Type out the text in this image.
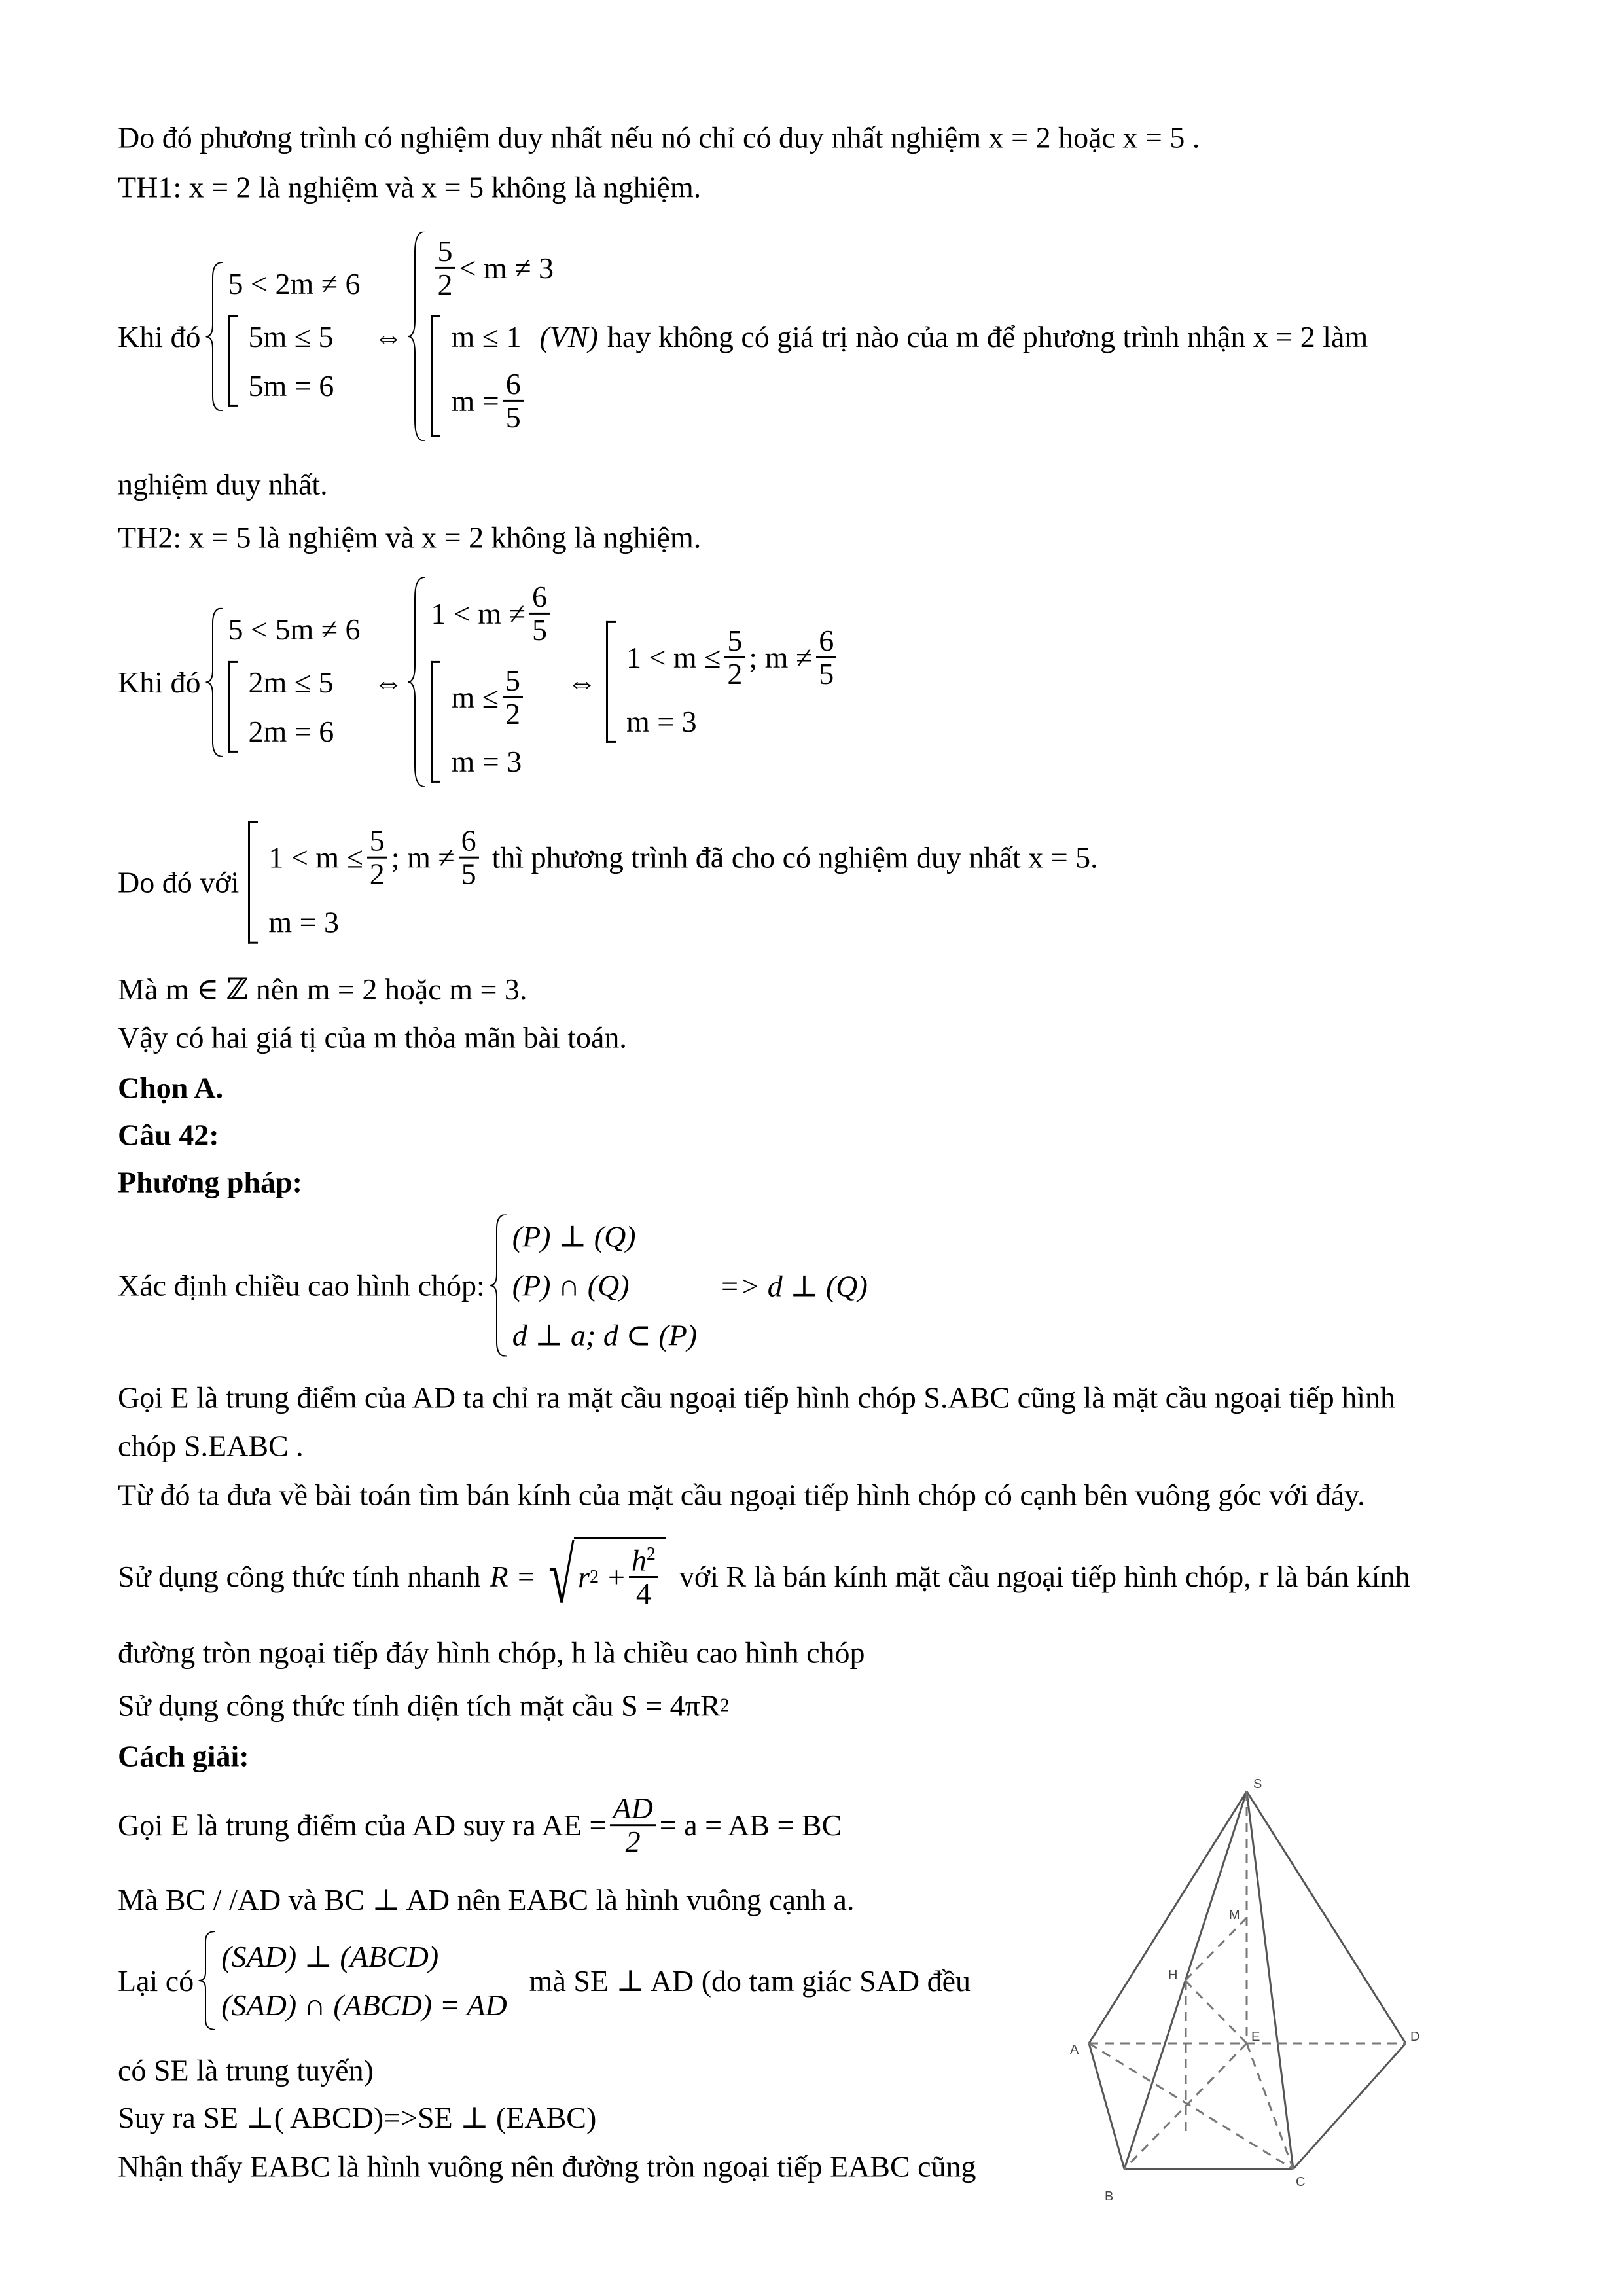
S
M
H
A
E	D
B
C
Do đó phương trình có nghiệm duy nhất nếu nó chỉ có duy nhất nghiệm x = 2 hoặc x = 5 .
TH1: x = 2 là nghiệm và x = 5 không là nghiệm.
Khi đó
5 < 2m ≠ 6
5m ≤ 5
5m = 6
⇔
$\frac{5}{2} < m \ne 3$
m ≤ 1 (VN) hay không có giá trị nào của m để phương trình nhận x = 2 làm
$m = \frac{6}{5}$
nghiệm duy nhất.
TH2: x = 5 là nghiệm và x = 2 không là nghiệm.
Khi đó
5 < 5m ≠ 6
2m ≤ 5
2m = 6
⇔
$1 < m \ne \frac{6}{5}$
$m \le \frac{5}{2}$
m = 3
⇔
$1 < m \le \frac{5}{2}$ ; $m \ne \frac{6}{5}$
m = 3
Do đó với
$1 < m \le \frac{5}{2}$ ; $m \ne \frac{6}{5}$ thì phương trình đã cho có nghiệm duy nhất x = 5.
m = 3
Mà m ∈ ℤ nên m = 2 hoặc m = 3.
Vậy có hai giá tị của m thỏa mãn bài toán.
Chọn A.
Câu 42:
Phương pháp:
Xác định chiều cao hình chóp:
(P) ⊥ (Q)
(P) ∩ (Q)
d ⊥ a; d ⊂ (P)
=> d ⊥ (Q)
Gọi E là trung điểm của AD ta chỉ ra mặt cầu ngoại tiếp hình chóp S.ABC cũng là mặt cầu ngoại tiếp hình
chóp S.EABC .
Từ đó ta đưa về bài toán tìm bán kính của mặt cầu ngoại tiếp hình chóp có cạnh bên vuông góc với đáy.
Sử dụng công thức tính nhanh R = √ r $2 + \frac{h^2}{4}$ với R là bán kính mặt cầu ngoại tiếp hình chóp, r là bán kính
đường tròn ngoại tiếp đáy hình chóp, h là chiều cao hình chóp
Sử dụng công thức tính diện tích mặt cầu S = 4πR 2
Cách giải:
Gọi E là trung điểm của AD suy ra AE = $\frac{AD}{2} = a$ = AB = BC
Mà BC / /AD và BC ⊥ AD nên EABC là hình vuông cạnh a.
Lại có
(SAD) ⊥ (ABCD)
(SAD) ∩ (ABCD) = AD
mà SE ⊥ AD (do tam giác SAD đều
có SE là trung tuyến)
Suy ra SE ⊥( ABCD)=>SE ⊥ (EABC)
Nhận thấy EABC là hình vuông nên đường tròn ngoại tiếp EABC cũng
